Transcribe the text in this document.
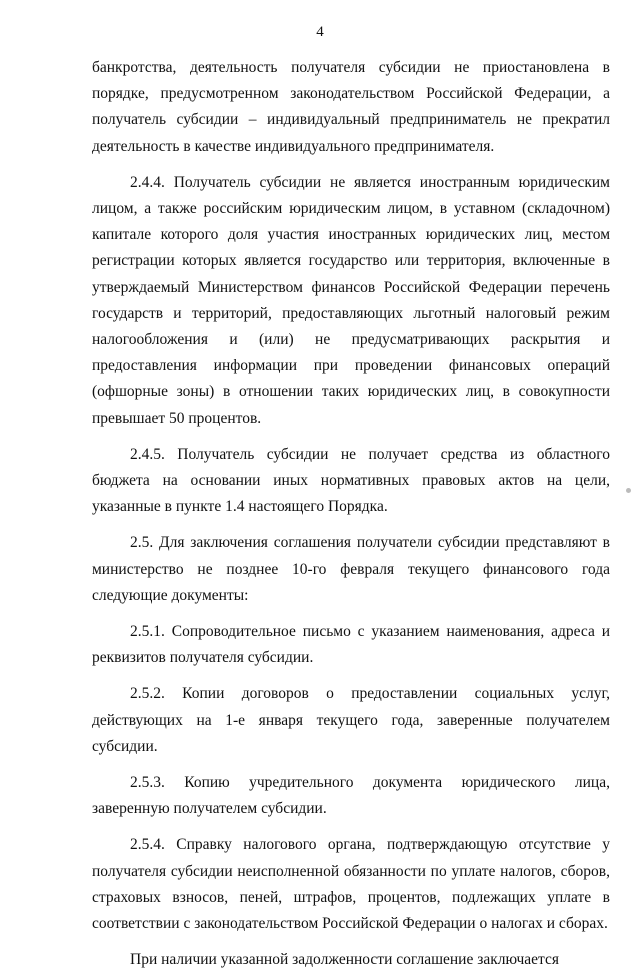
4

банкротства, деятельность получателя субсидии не приостановлена в порядке, предусмотренном законодательством Российской Федерации, а получатель субсидии – индивидуальный предприниматель не прекратил деятельность в качестве индивидуального предпринимателя.

2.4.4. Получатель субсидии не является иностранным юридическим лицом, а также российским юридическим лицом, в уставном (складочном) капитале которого доля участия иностранных юридических лиц, местом регистрации которых является государство или территория, включенные в утверждаемый Министерством финансов Российской Федерации перечень государств и территорий, предоставляющих льготный налоговый режим налогообложения и (или) не предусматривающих раскрытия и предоставления информации при проведении финансовых операций (офшорные зоны) в отношении таких юридических лиц, в совокупности превышает 50 процентов.

2.4.5. Получатель субсидии не получает средства из областного бюджета на основании иных нормативных правовых актов на цели, указанные в пункте 1.4 настоящего Порядка.

2.5. Для заключения соглашения получатели субсидии представляют в министерство не позднее 10-го февраля текущего финансового года следующие документы:

2.5.1. Сопроводительное письмо с указанием наименования, адреса и реквизитов получателя субсидии.

2.5.2. Копии договоров о предоставлении социальных услуг, действующих на 1-е января текущего года, заверенные получателем субсидии.

2.5.3. Копию учредительного документа юридического лица, заверенную получателем субсидии.

2.5.4. Справку налогового органа, подтверждающую отсутствие у получателя субсидии неисполненной обязанности по уплате налогов, сборов, страховых взносов, пеней, штрафов, процентов, подлежащих уплате в соответствии с законодательством Российской Федерации о налогах и сборах.

При наличии указанной задолженности соглашение заключается
